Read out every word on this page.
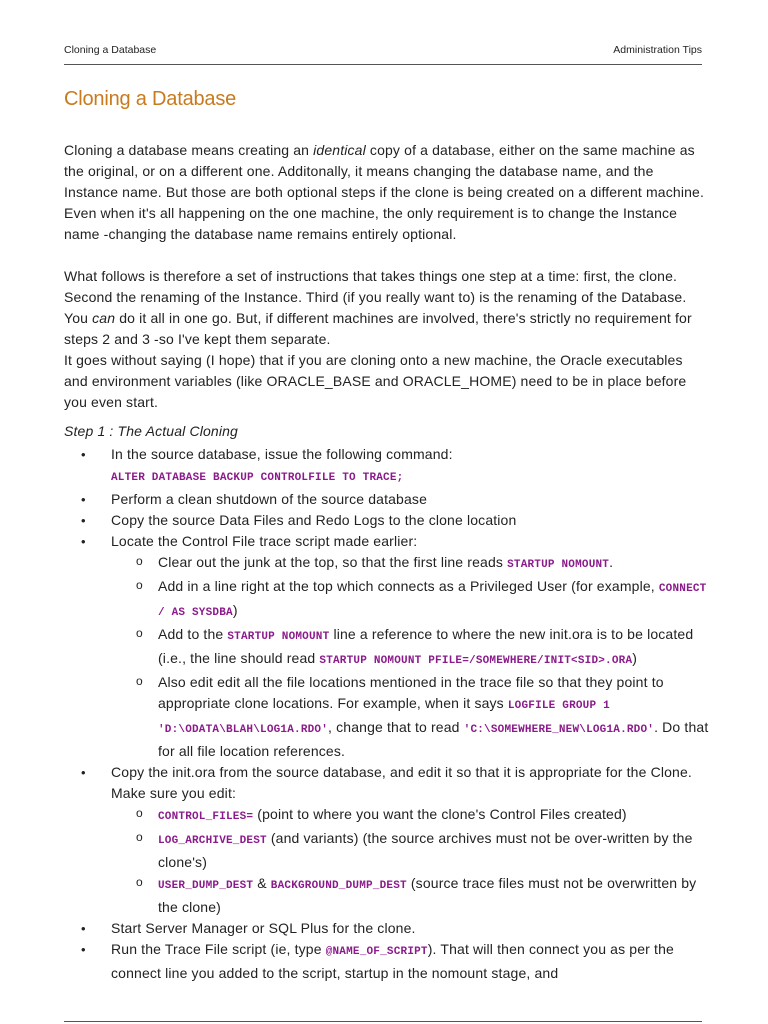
Cloning a Database	Administration Tips
Cloning a Database

Cloning a database means creating an identical copy of a database, either on the same machine as the original, or on a different one. Additonally, it means changing the database name, and the Instance name. But those are both optional steps if the clone is being created on a different machine. Even when it's all happening on the one machine, the only requirement is to change the Instance name -changing the database name remains entirely optional.

What follows is therefore a set of instructions that takes things one step at a time: first, the clone. Second the renaming of the Instance. Third (if you really want to) is the renaming of the Database. You can do it all in one go. But, if different machines are involved, there's strictly no requirement for steps 2 and 3 -so I've kept them separate.

It goes without saying (I hope) that if you are cloning onto a new machine, the Oracle executables and environment variables (like ORACLE_BASE and ORACLE_HOME) need to be in place before you even start.

Step 1 : The Actual Cloning
• In the source database, issue the following command:
ALTER DATABASE BACKUP CONTROLFILE TO TRACE;
• Perform a clean shutdown of the source database
• Copy the source Data Files and Redo Logs to the clone location
• Locate the Control File trace script made earlier:
o Clear out the junk at the top, so that the first line reads STARTUP NOMOUNT.
o Add in a line right at the top which connects as a Privileged User (for example, CONNECT / AS SYSDBA)
o Add to the STARTUP NOMOUNT line a reference to where the new init.ora is to be located (i.e., the line should read STARTUP NOMOUNT PFILE=/SOMEWHERE/INIT<SID>.ORA)
o Also edit edit all the file locations mentioned in the trace file so that they point to appropriate clone locations. For example, when it says LOGFILE GROUP 1 'D:\ODATA\BLAH\LOG1A.RDO', change that to read 'C:\SOMEWHERE_NEW\LOG1A.RDO'. Do that for all file location references.
• Copy the init.ora from the source database, and edit it so that it is appropriate for the Clone. Make sure you edit:
o CONTROL_FILES= (point to where you want the clone's Control Files created)
o LOG_ARCHIVE_DEST (and variants) (the source archives must not be over-written by the clone's)
o USER_DUMP_DEST & BACKGROUND_DUMP_DEST (source trace files must not be overwritten by the clone)
• Start Server Manager or SQL Plus for the clone.
• Run the Trace File script (ie, type @NAME_OF_SCRIPT). That will then connect you as per the connect line you added to the script, startup in the nomount stage, and
